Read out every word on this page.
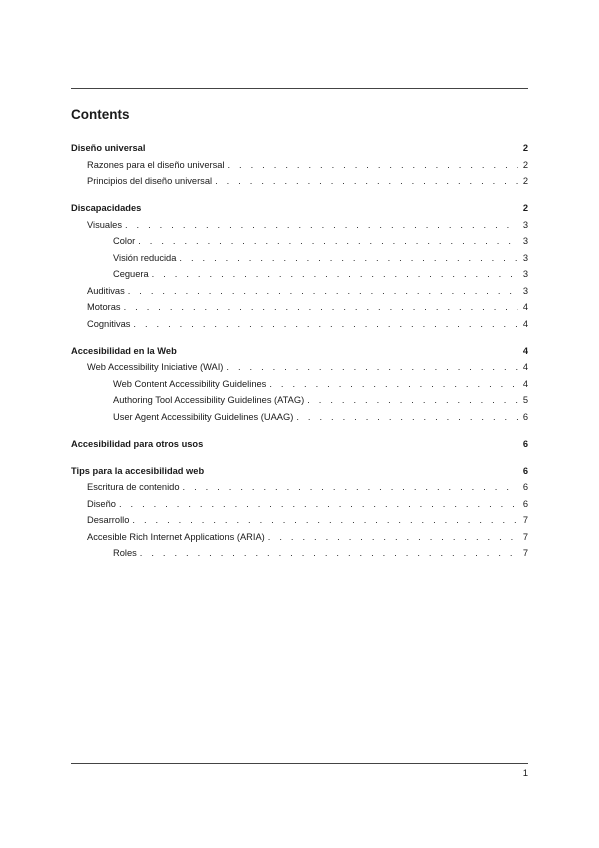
Contents
Diseño universal	2
Razones para el diseño universal . . .	2
Principios del diseño universal . . .	2
Discapacidades	2
Visuales . . .	3
Color . . .	3
Visión reducida . . .	3
Ceguera . . .	3
Auditivas . . .	3
Motoras . . .	4
Cognitivas . . .	4
Accesibilidad en la Web	4
Web Accessibility Iniciative (WAI) . . .	4
Web Content Accessibility Guidelines . . .	4
Authoring Tool Accessibility Guidelines (ATAG) . . .	5
User Agent Accessibility Guidelines (UAAG) . . .	6
Accesibilidad para otros usos	6
Tips para la accesibilidad web	6
Escritura de contenido . . .	6
Diseño . . .	6
Desarrollo . . .	7
Accesible Rich Internet Applications (ARIA) . . .	7
Roles . . .	7
1
